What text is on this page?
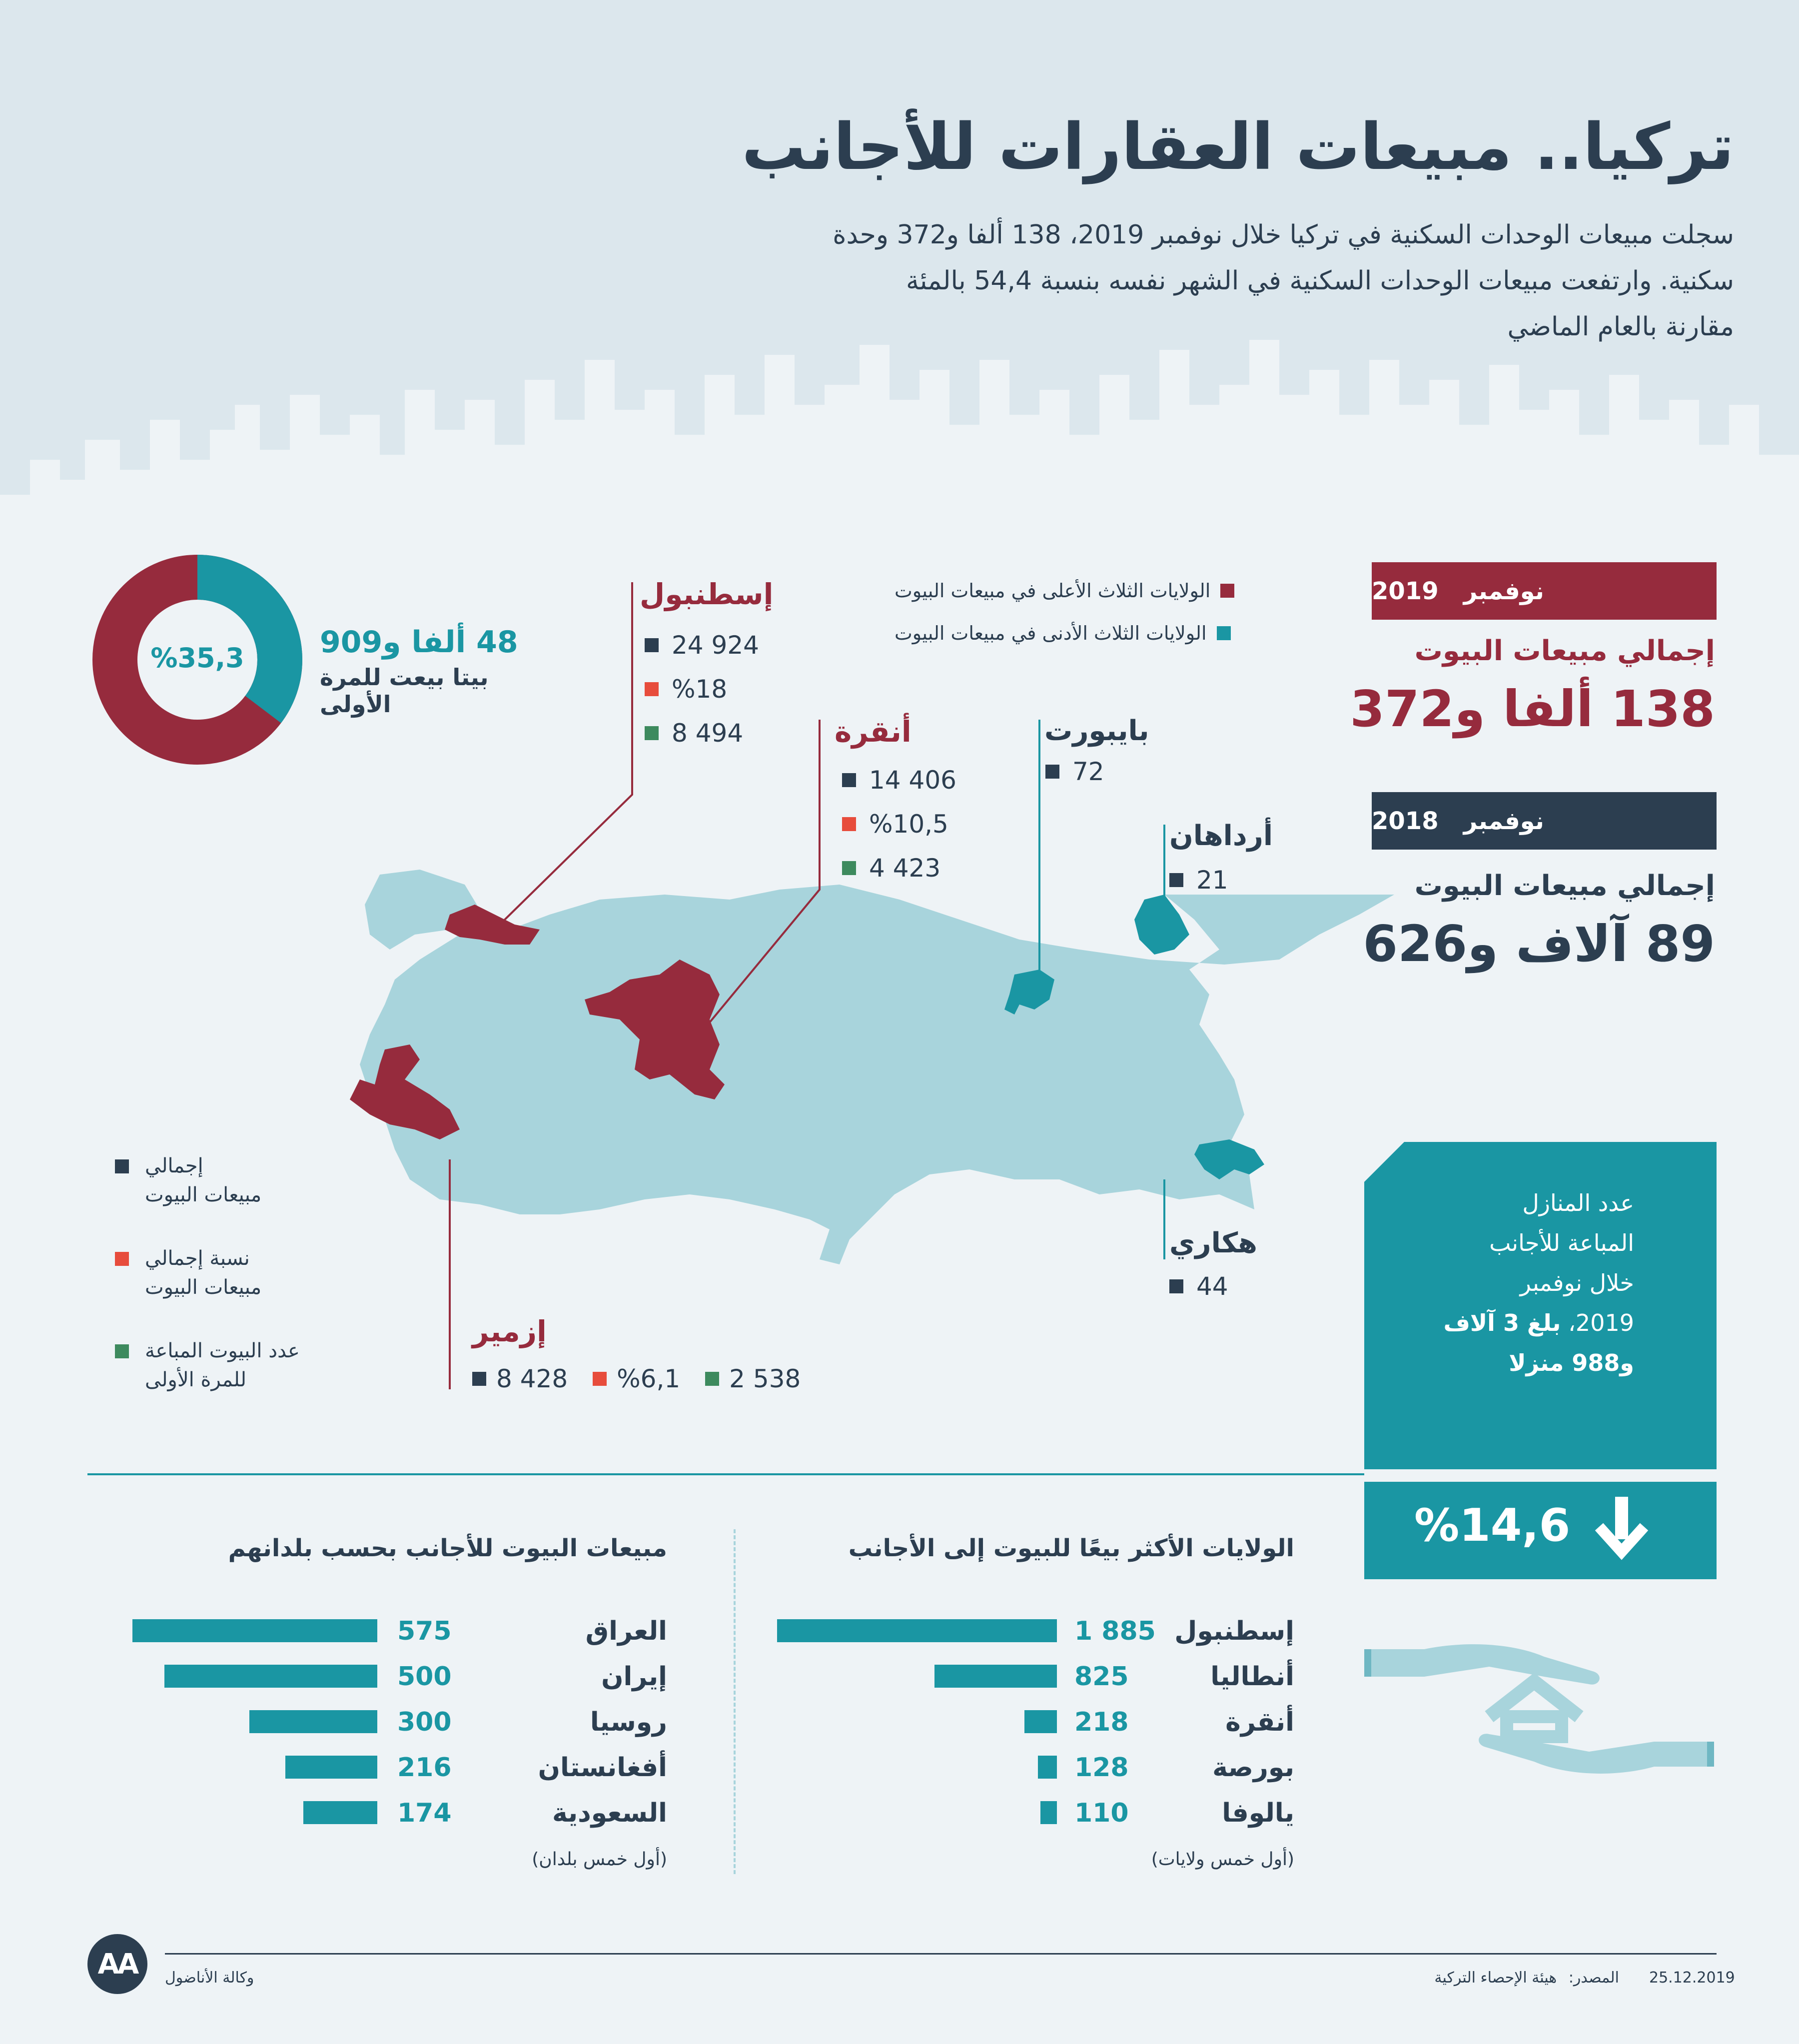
تركيا.. مبيعات العقارات للأجانب
سجلت مبيعات الوحدات السكنية في تركيا خلال نوفمبر 2019، 138 ألفا و372 وحدة
سكنية. وارتفعت مبيعات الوحدات السكنية في الشهر نفسه بنسبة 54,4 بالمئة
مقارنة بالعام الماضي
%35,3	48 ألفا و909
بيتا بيعت للمرة الأولى
الولايات الثلاث الأعلى في مبيعات البيوت
الولايات الثلاث الأدنى في مبيعات البيوت
إسطنبول
24 924
%18
8 494	أنقرة
14 406
%10,5
4 423
بايبورت
72
أرداهان
21
هكاري
44
إزمير
8 428 %6,1 2 538
إجمالي
مبيعات البيوت
نسبة إجمالي
مبيعات البيوت
عدد البيوت المباعة
للمرة الأولى
نوفمبر   2019
إجمالي مبيعات البيوت
138 ألفا و372
نوفمبر   2018
إجمالي مبيعات البيوت
89 آلاف و626
عدد المنازل
المباعة للأجانب
خلال نوفمبر
2019، بلغ 3 آلاف
و988 منزلا
%14,6
الولايات الأكثر بيعًا للبيوت إلى الأجانب
مبيعات البيوت للأجانب بحسب بلدانهم
إسطنبول
1 885
أنطاليا
825
أنقرة
218
بورصة
128
يالوفا
110
العراق
575
إيران
500
روسيا
300
أفغانستان
216
السعودية
174
(أول خمس ولايات)
(أول خمس بلدان)
25.12.2019
المصدر: هيئة الإحصاء التركية
وكالة الأناضول
AA
